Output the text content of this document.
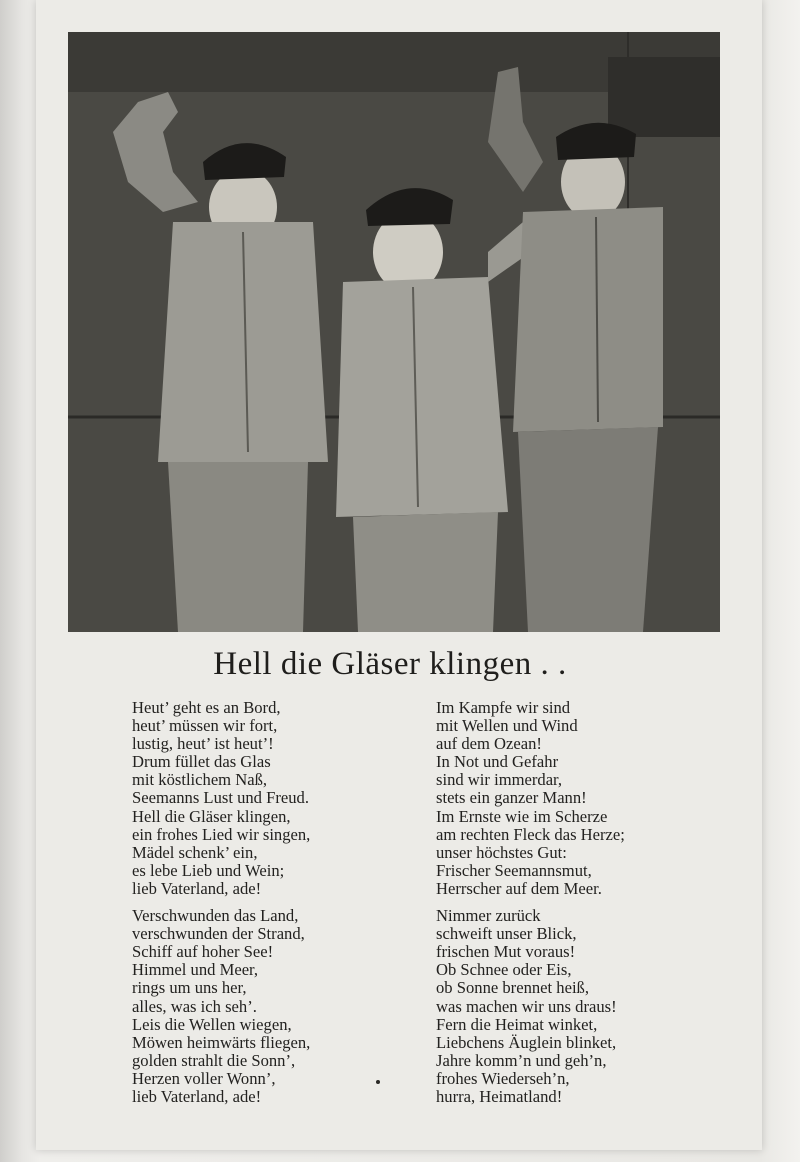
Hell die Gläser klingen . .
Heut’ geht es an Bord,
heut’ müssen wir fort,
lustig, heut’ ist heut’!
Drum füllet das Glas
mit köstlichem Naß,
Seemanns Lust und Freud.
Hell die Gläser klingen,
ein frohes Lied wir singen,
Mädel schenk’ ein,
es lebe Lieb und Wein;
lieb Vaterland, ade!
Verschwunden das Land,
verschwunden der Strand,
Schiff auf hoher See!
Himmel und Meer,
rings um uns her,
alles, was ich seh’.
Leis die Wellen wiegen,
Möwen heimwärts fliegen,
golden strahlt die Sonn’,
Herzen voller Wonn’,
lieb Vaterland, ade!
Im Kampfe wir sind
mit Wellen und Wind
auf dem Ozean!
In Not und Gefahr
sind wir immerdar,
stets ein ganzer Mann!
Im Ernste wie im Scherze
am rechten Fleck das Herze;
unser höchstes Gut:
Frischer Seemannsmut,
Herrscher auf dem Meer.
Nimmer zurück
schweift unser Blick,
frischen Mut voraus!
Ob Schnee oder Eis,
ob Sonne brennet heiß,
was machen wir uns draus!
Fern die Heimat winket,
Liebchens Äuglein blinket,
Jahre komm’n und geh’n,
frohes Wiederseh’n,
hurra, Heimatland!
